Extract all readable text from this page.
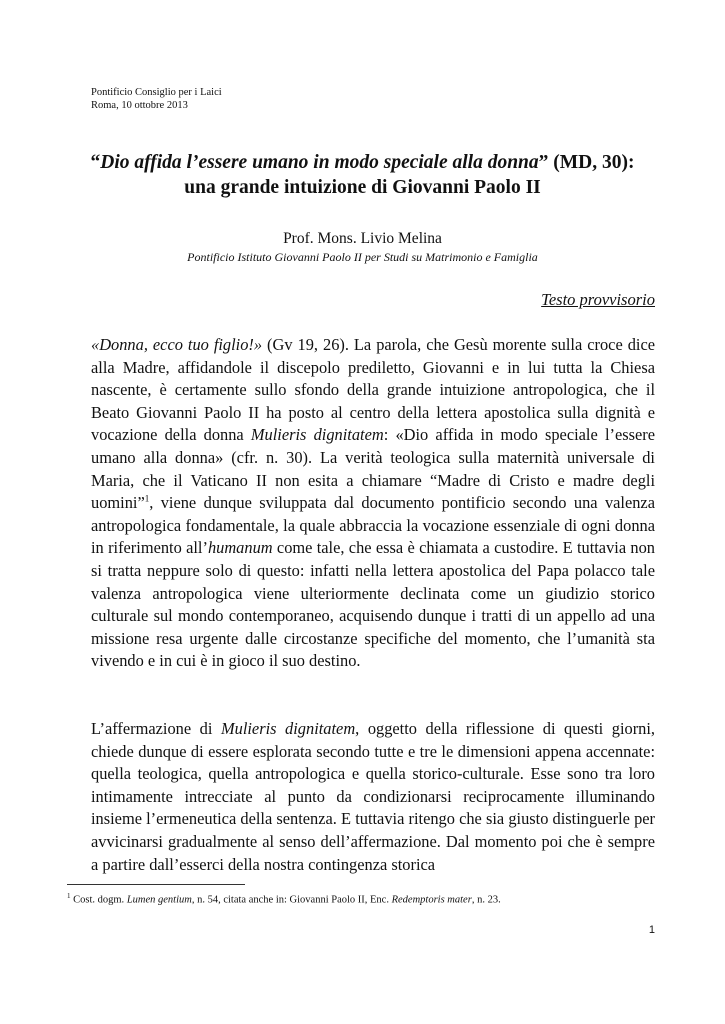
Pontificio Consiglio per i Laici
Roma, 10 ottobre 2013
“Dio affida l’essere umano in modo speciale alla donna” (MD, 30):
una grande intuizione di Giovanni Paolo II
Prof. Mons. Livio Melina
Pontificio Istituto Giovanni Paolo II per Studi su Matrimonio e Famiglia
Testo provvisorio
«Donna, ecco tuo figlio!» (Gv 19, 26). La parola, che Gesù morente sulla croce dice alla Madre, affidandole il discepolo prediletto, Giovanni e in lui tutta la Chiesa nascente, è certamente sullo sfondo della grande intuizione antropologica, che il Beato Giovanni Paolo II ha posto al centro della lettera apostolica sulla dignità e vocazione della donna Mulieris dignitatem: «Dio affida in modo speciale l’essere umano alla donna» (cfr. n. 30). La verità teologica sulla maternità universale di Maria, che il Vaticano II non esita a chiamare “Madre di Cristo e madre degli uomini”$^1$, viene dunque sviluppata dal documento pontificio secondo una valenza antropologica fondamentale, la quale abbraccia la vocazione essenziale di ogni donna in riferimento all’humanum come tale, che essa è chiamata a custodire. E tuttavia non si tratta neppure solo di questo: infatti nella lettera apostolica del Papa polacco tale valenza antropologica viene ulteriormente declinata come un giudizio storico culturale sul mondo contemporaneo, acquisendo dunque i tratti di un appello ad una missione resa urgente dalle circostanze specifiche del momento, che l’umanità sta vivendo e in cui è in gioco il suo destino.
L’affermazione di Mulieris dignitatem, oggetto della riflessione di questi giorni, chiede dunque di essere esplorata secondo tutte e tre le dimensioni appena accennate: quella teologica, quella antropologica e quella storico-culturale. Esse sono tra loro intimamente intrecciate al punto da condizionarsi reciprocamente illuminando insieme l’ermeneutica della sentenza. E tuttavia ritengo che sia giusto distinguerle per avvicinarsi gradualmente al senso dell’affermazione. Dal momento poi che è sempre a partire dall’esserci della nostra contingenza storica
$^1$ Cost. dogm. Lumen gentium, n. 54, citata anche in: Giovanni Paolo II, Enc. Redemptoris mater, n. 23.
1
